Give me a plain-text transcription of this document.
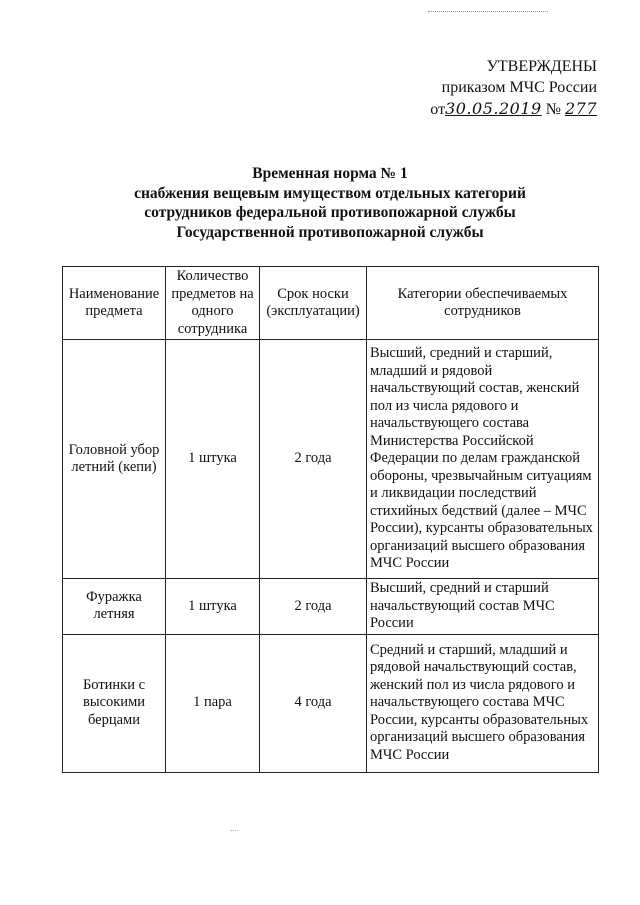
УТВЕРЖДЕНЫ
приказом МЧС России
от30.05.2019 № 277
Временная норма № 1
снабжения вещевым имуществом отдельных категорий
сотрудников федеральной противопожарной службы
Государственной противопожарной службы
Наименование предмета	Количество предметов на одного сотрудника	Срок носки (эксплуатации)	Категории обеспечиваемых сотрудников
Головной убор летний (кепи)	1 штука	2 года	Высший, средний и старший, младший и рядовой начальствующий состав, женский пол из числа рядового и начальствующего состава Министерства Российской Федерации по делам гражданской обороны, чрезвычайным ситуациям и ликвидации последствий стихийных бедствий (далее – МЧС России), курсанты образовательных организаций высшего образования МЧС России
Фуражка летняя	1 штука	2 года	Высший, средний и старший начальствующий состав МЧС России
Ботинки с высокими берцами	1 пара	4 года	Средний и старший, младший и рядовой начальствующий состав, женский пол из числа рядового и начальствующего состава МЧС России, курсанты образовательных организаций высшего образования МЧС России
